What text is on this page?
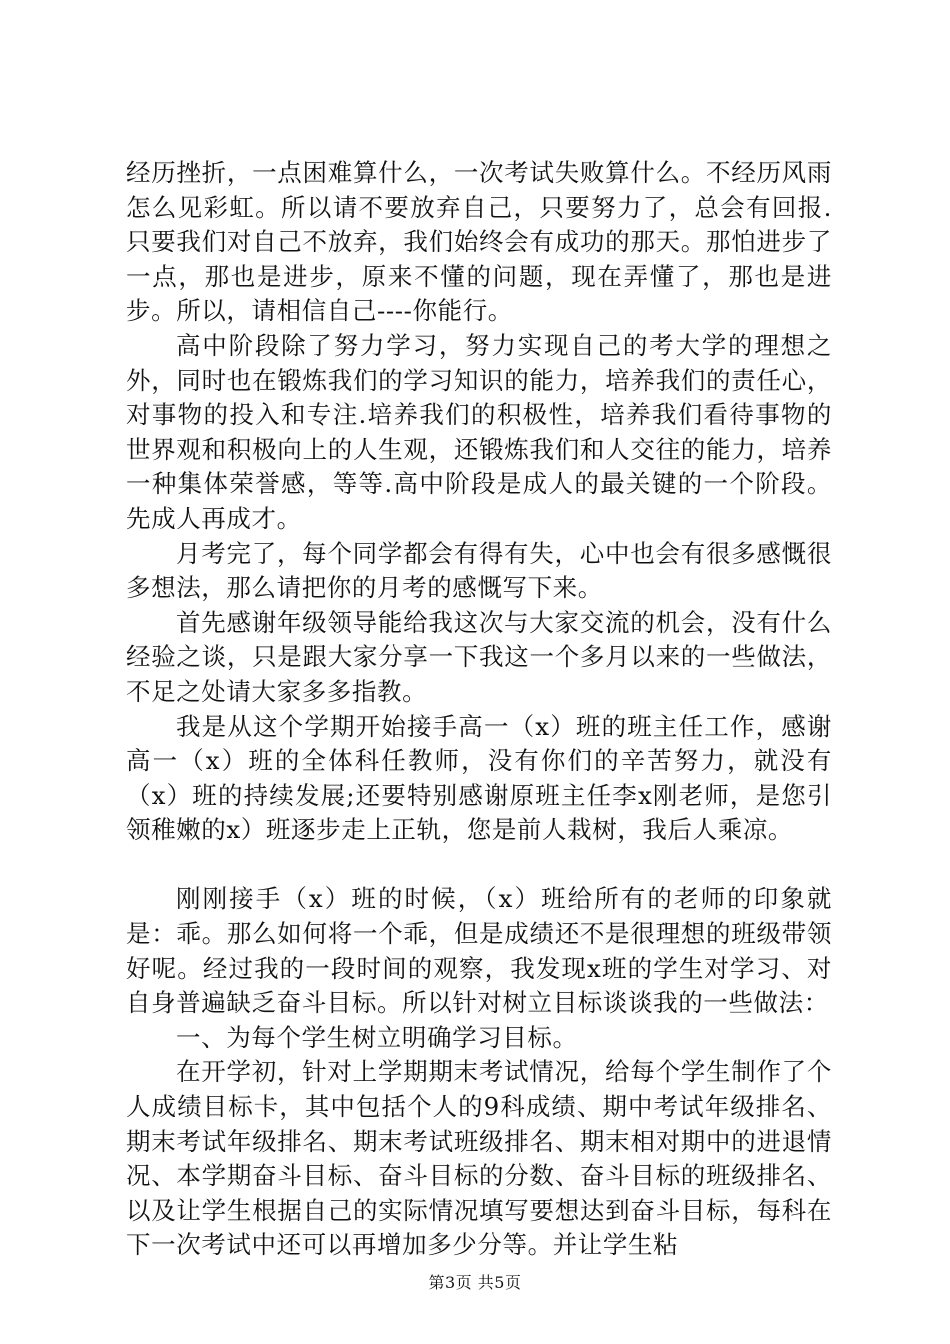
经历挫折，一点困难算什么，一次考试失败算什么。不经历风雨怎么见彩虹。所以请不要放弃自己，只要努力了，总会有回报.只要我们对自己不放弃，我们始终会有成功的那天。那怕进步了一点，那也是进步，原来不懂的问题，现在弄懂了，那也是进步。所以，请相信自己----你能行。

高中阶段除了努力学习，努力实现自己的考大学的理想之外，同时也在锻炼我们的学习知识的能力，培养我们的责任心，对事物的投入和专注.培养我们的积极性，培养我们看待事物的世界观和积极向上的人生观，还锻炼我们和人交往的能力，培养一种集体荣誉感，等等.高中阶段是成人的最关键的一个阶段。先成人再成才。

月考完了，每个同学都会有得有失，心中也会有很多感慨很多想法，那么请把你的月考的感慨写下来。

首先感谢年级领导能给我这次与大家交流的机会，没有什么经验之谈，只是跟大家分享一下我这一个多月以来的一些做法，不足之处请大家多多指教。

我是从这个学期开始接手高一（x）班的班主任工作，感谢高一（x）班的全体科任教师，没有你们的辛苦努力，就没有（x）班的持续发展;还要特别感谢原班主任李x刚老师，是您引领稚嫩的x）班逐步走上正轨，您是前人栽树，我后人乘凉。

刚刚接手（x）班的时候，（x）班给所有的老师的印象就是：乖。那么如何将一个乖，但是成绩还不是很理想的班级带领好呢。经过我的一段时间的观察，我发现x班的学生对学习、对自身普遍缺乏奋斗目标。所以针对树立目标谈谈我的一些做法：

一、为每个学生树立明确学习目标。

在开学初，针对上学期期末考试情况，给每个学生制作了个人成绩目标卡，其中包括个人的9科成绩、期中考试年级排名、期末考试年级排名、期末考试班级排名、期末相对期中的进退情况、本学期奋斗目标、奋斗目标的分数、奋斗目标的班级排名、以及让学生根据自己的实际情况填写要想达到奋斗目标，每科在下一次考试中还可以再增加多少分等。并让学生粘

第3页 共5页
